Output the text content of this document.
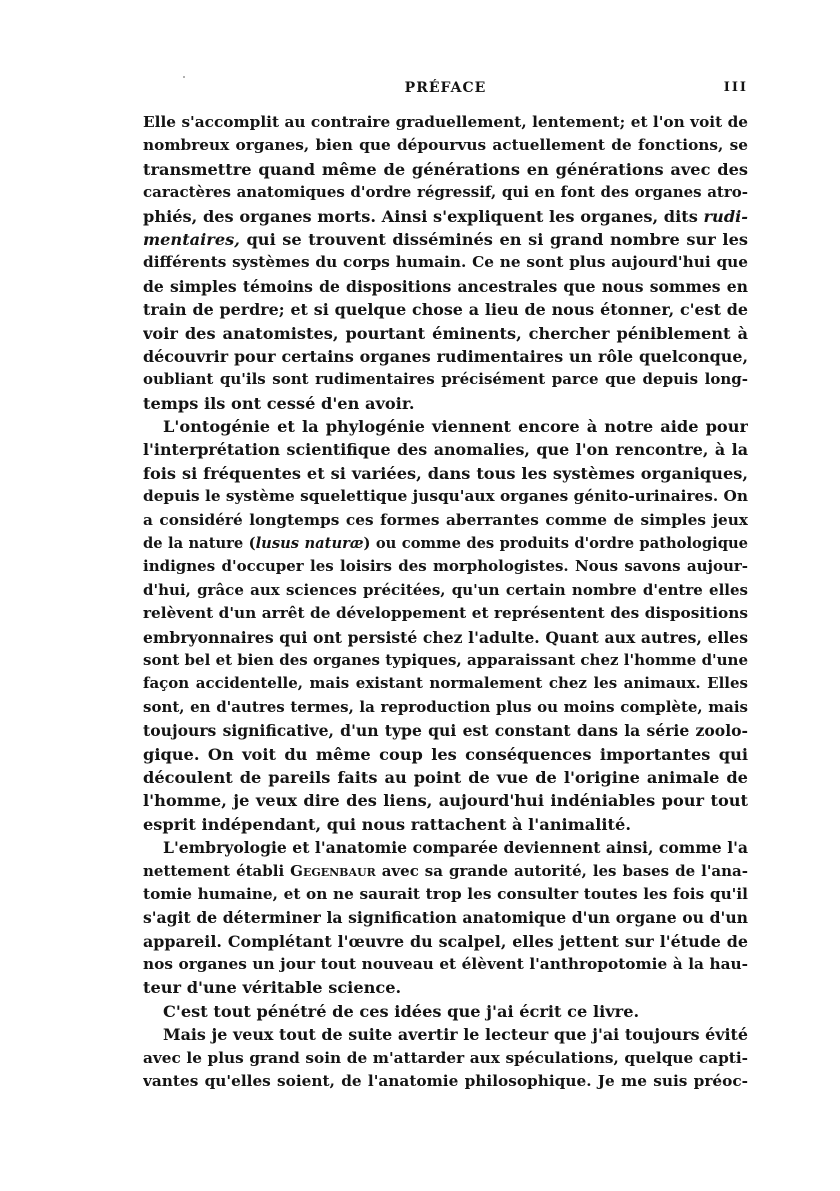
PRÉFACE	III
Elle s'accomplit au contraire graduellement, lentement; et l'on voit de
nombreux organes, bien que dépourvus actuellement de fonctions, se
transmettre quand même de générations en générations avec des
caractères anatomiques d'ordre régressif, qui en font des organes atro-
phiés, des organes morts. Ainsi s'expliquent les organes, dits rudi-
mentaires, qui se trouvent disséminés en si grand nombre sur les
différents systèmes du corps humain. Ce ne sont plus aujourd'hui que
de simples témoins de dispositions ancestrales que nous sommes en
train de perdre; et si quelque chose a lieu de nous étonner, c'est de
voir des anatomistes, pourtant éminents, chercher péniblement à
découvrir pour certains organes rudimentaires un rôle quelconque,
oubliant qu'ils sont rudimentaires précisément parce que depuis long-
temps ils ont cessé d'en avoir.
L'ontogénie et la phylogénie viennent encore à notre aide pour
l'interprétation scientifique des anomalies, que l'on rencontre, à la
fois si fréquentes et si variées, dans tous les systèmes organiques,
depuis le système squelettique jusqu'aux organes génito-urinaires. On
a considéré longtemps ces formes aberrantes comme de simples jeux
de la nature (lusus naturæ) ou comme des produits d'ordre pathologique
indignes d'occuper les loisirs des morphologistes. Nous savons aujour-
d'hui, grâce aux sciences précitées, qu'un certain nombre d'entre elles
relèvent d'un arrêt de développement et représentent des dispositions
embryonnaires qui ont persisté chez l'adulte. Quant aux autres, elles
sont bel et bien des organes typiques, apparaissant chez l'homme d'une
façon accidentelle, mais existant normalement chez les animaux. Elles
sont, en d'autres termes, la reproduction plus ou moins complète, mais
toujours significative, d'un type qui est constant dans la série zoolo-
gique. On voit du même coup les conséquences importantes qui
découlent de pareils faits au point de vue de l'origine animale de
l'homme, je veux dire des liens, aujourd'hui indéniables pour tout
esprit indépendant, qui nous rattachent à l'animalité.
L'embryologie et l'anatomie comparée deviennent ainsi, comme l'a
nettement établi Gegenbaur avec sa grande autorité, les bases de l'ana-
tomie humaine, et on ne saurait trop les consulter toutes les fois qu'il
s'agit de déterminer la signification anatomique d'un organe ou d'un
appareil. Complétant l'œuvre du scalpel, elles jettent sur l'étude de
nos organes un jour tout nouveau et élèvent l'anthropotomie à la hau-
teur d'une véritable science.
C'est tout pénétré de ces idées que j'ai écrit ce livre.
Mais je veux tout de suite avertir le lecteur que j'ai toujours évité
avec le plus grand soin de m'attarder aux spéculations, quelque capti-
vantes qu'elles soient, de l'anatomie philosophique. Je me suis préoc-
